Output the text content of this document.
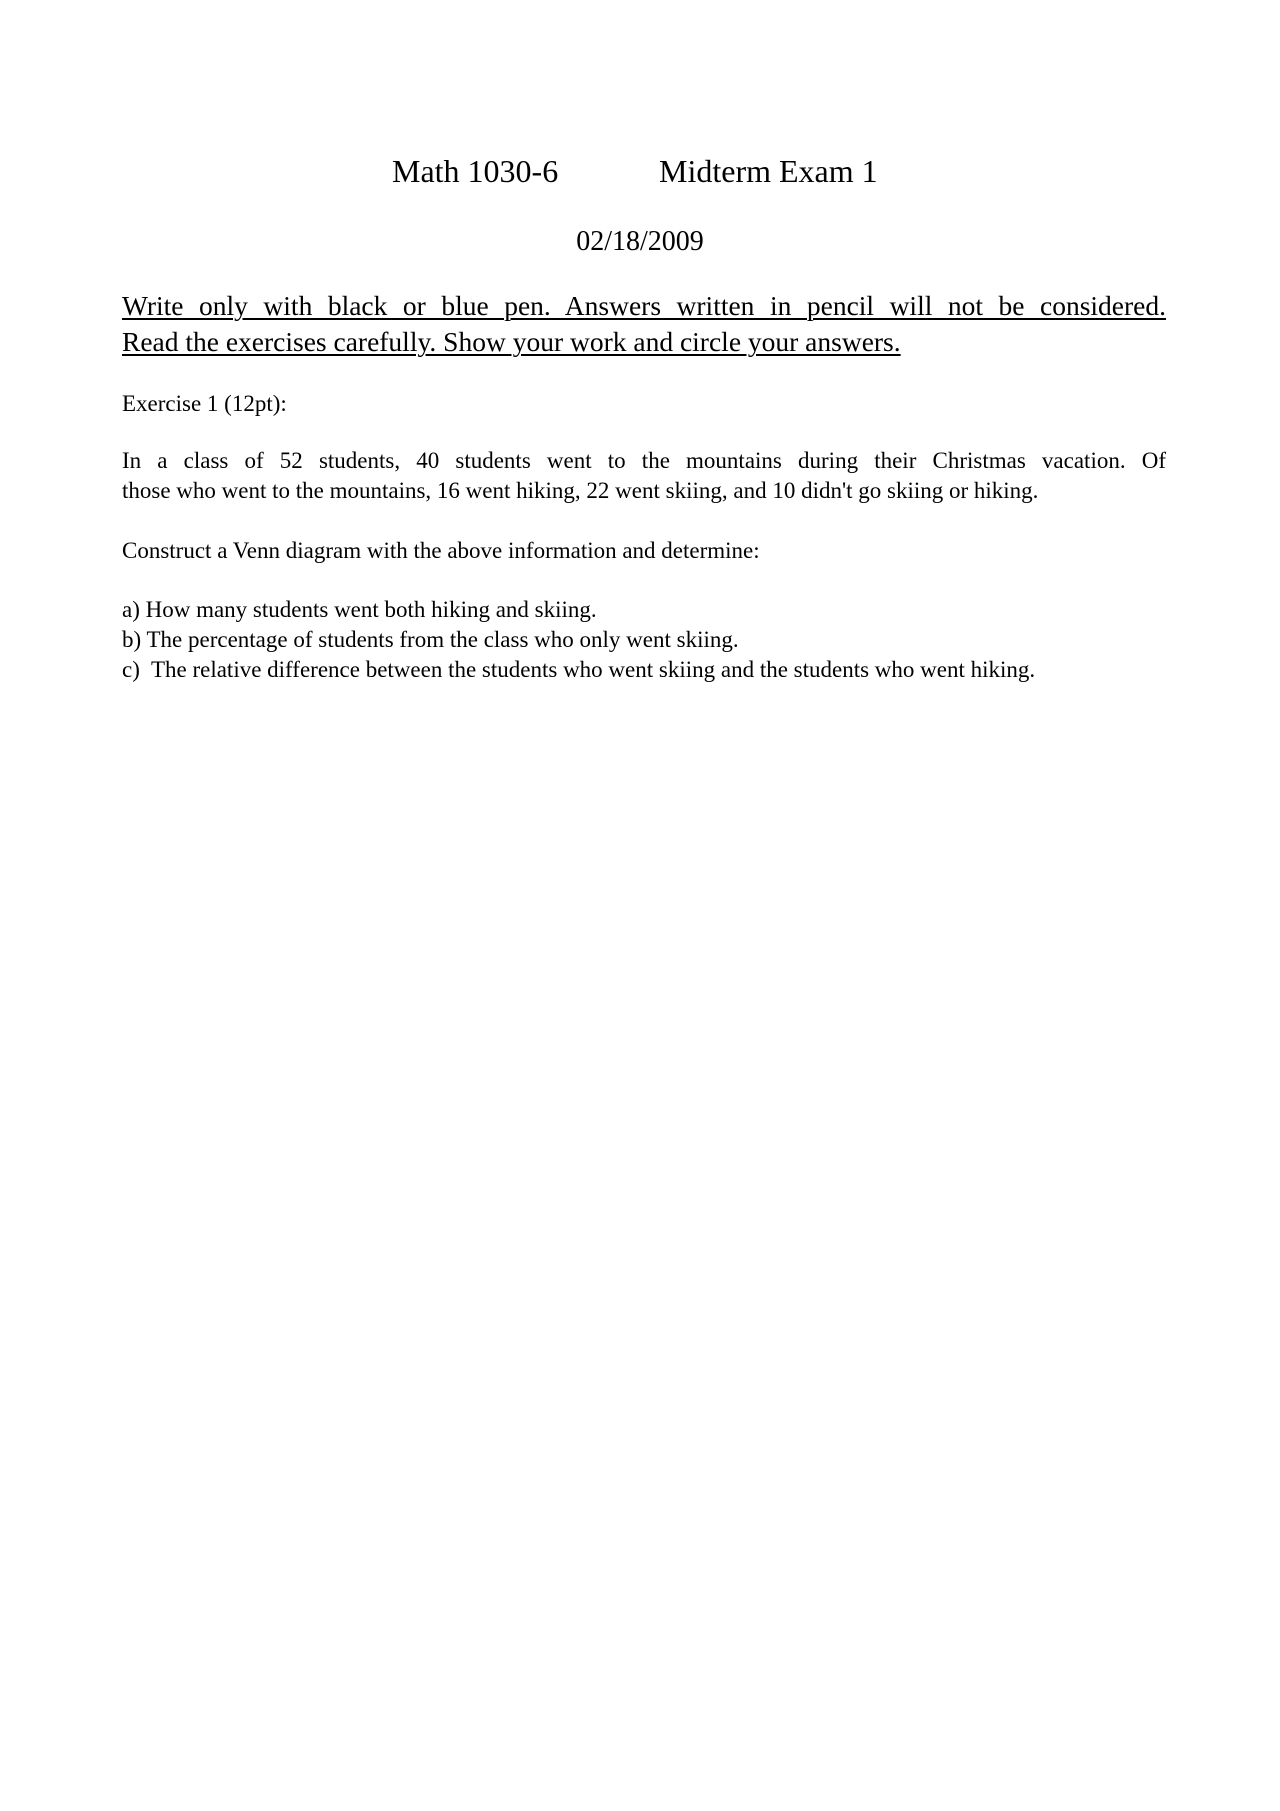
Math 1030-6	Midterm Exam 1
02/18/2009
Write only with black or blue pen. Answers written in pencil will not be considered.
Read the exercises carefully. Show your work and circle your answers.
Exercise 1 (12pt):
In a class of 52 students, 40 students went to the mountains during their Christmas vacation. Of
those who went to the mountains, 16 went hiking, 22 went skiing, and 10 didn't go skiing or hiking.
Construct a Venn diagram with the above information and determine:
a) How many students went both hiking and skiing.
b) The percentage of students from the class who only went skiing.
c)  The relative difference between the students who went skiing and the students who went hiking.
